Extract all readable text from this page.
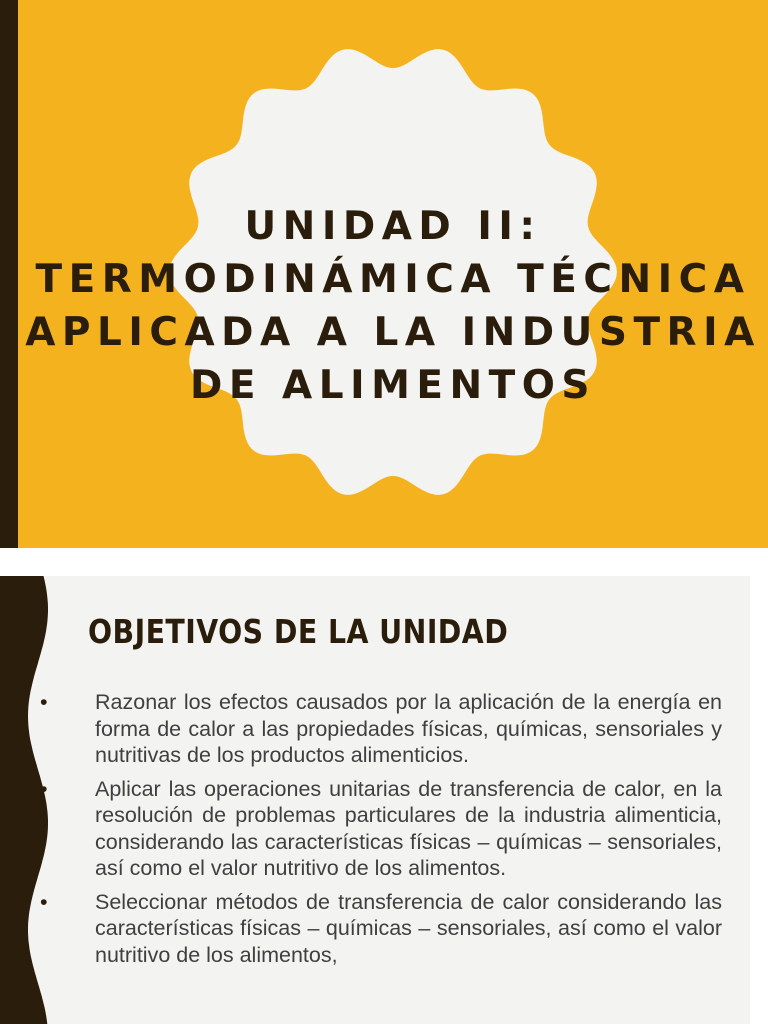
UNIDAD II:
TERMODINÁMICA TÉCNICA
APLICADA A LA INDUSTRIA
DE ALIMENTOS
OBJETIVOS DE LA UNIDAD
• Razonar los efectos causados por la aplicación de la energía en forma de calor a las propiedades físicas, químicas, sensoriales y nutritivas de los productos alimenticios.
• Aplicar las operaciones unitarias de transferencia de calor, en la resolución de problemas particulares de la industria alimenticia, considerando las características físicas – químicas – sensoriales, así como el valor nutritivo de los alimentos.
• Seleccionar métodos de transferencia de calor considerando las características físicas – químicas – sensoriales, así como el valor nutritivo de los alimentos,
